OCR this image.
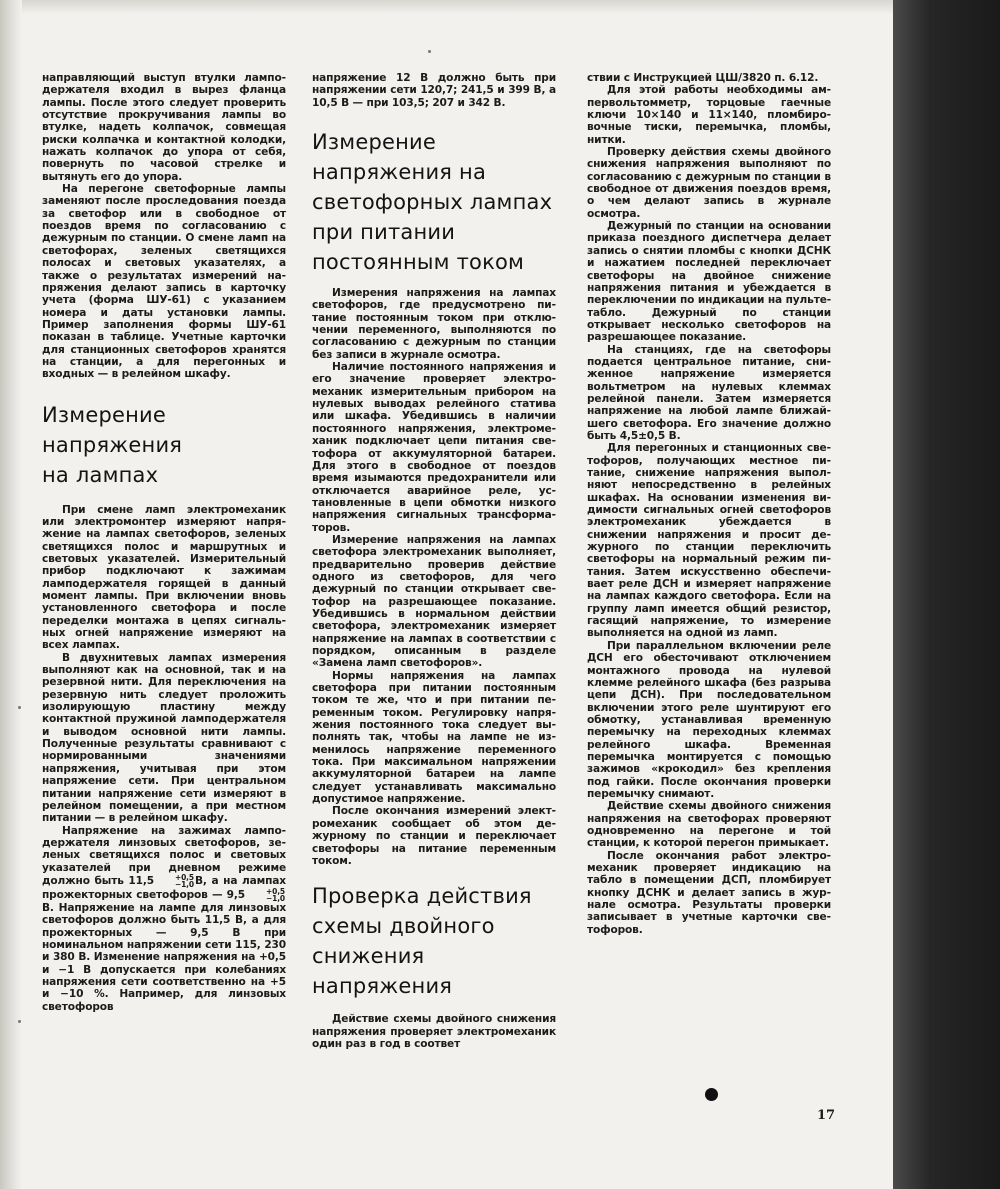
направляющий выступ втулки ламподержателя входил в вырез фланца лампы. После этого следует проверить отсутствие прокручивания лампы во втулке, надеть колпачок, совмещая риски колпачка и контактной колодки, нажать колпачок до упора от себя, повернуть по часовой стрелке и вытянуть его до упора.

На перегоне светофорные лампы заменяют после проследования поезда за светофор или в свободное от поездов время по согласованию с дежурным по станции. О смене ламп на светофорах, зеленых светящихся полосах и световых указателях, а также о результатах измерений напряжения делают запись в карточку учета (форма ШУ-61) с указанием номера и даты установки лампы. Пример заполнения формы ШУ-61 показан в таблице. Учетные карточки для станционных светофоров хранятся на станции, а для перегонных и входных — в релейном шкафу.

Измерение
напряжения
на лампах

При смене ламп электромеханик или электромонтер измеряют напряжение на лампах светофоров, зеленых светящихся полос и маршрутных и световых указателей. Измерительный прибор подключают к зажимам ламподержателя горящей в данный момент лампы. При включении вновь установленного светофора и после переделки монтажа в цепях сигнальных огней напряжение измеряют на всех лампах.

В двухнитевых лампах измерения выполняют как на основной, так и на резервной нити. Для переключения на резервную нить следует проложить изолирующую пластину между контактной пружиной ламподержателя и выводом основной нити лампы. Полученные результаты сравнивают с нормированными значениями напряжения, учитывая при этом напряжение сети. При центральном питании напряжение сети измеряют в релейном помещении, а при местном питании — в релейном шкафу.

Напряжение на зажимах ламподержателя линзовых светофоров, зеленых светящихся полос и световых указателей при дневном режиме должно быть 11,5	+0,5
−1,0 В, а на лампах прожекторных светофоров — 9,5	+0,5
−1,0
В. Напряжение на лампе для линзовых светофоров должно быть 11,5 В, а для прожекторных — 9,5 В при номинальном напряжении сети 115, 230 и 380 В. Изменение напряжения на +0,5 и −1 В допускается при колебаниях напряжения сети соответственно на +5 и −10 %. Например, для линзовых светофоров

напряжение 12 В должно быть при напряжении сети 120,7; 241,5 и 399 В, а 10,5 В — при 103,5; 207 и 342 В.

Измерение
напряжения на
светофорных лампах
при питании
постоянным током

Измерения напряжения на лампах светофоров, где предусмотрено питание постоянным током при отключении переменного, выполняются по согласованию с дежурным по станции без записи в журнале осмотра.

Наличие постоянного напряжения и его значение проверяет электромеханик измерительным прибором на нулевых выводах релейного статива или шкафа. Убедившись в наличии постоянного напряжения, электромеханик подключает цепи питания светофора от аккумуляторной батареи. Для этого в свободное от поездов время изымаются предохранители или отключается аварийное реле, установленные в цепи обмотки низкого напряжения сигнальных трансформаторов.

Измерение напряжения на лампах светофора электромеханик выполняет, предварительно проверив действие одного из светофоров, для чего дежурный по станции открывает светофор на разрешающее показание. Убедившись в нормальном действии светофора, электромеханик измеряет напряжение на лампах в соответствии с порядком, описанным в разделе «Замена ламп светофоров».

Нормы напряжения на лампах светофора при питании постоянным током те же, что и при питании переменным током. Регулировку напряжения постоянного тока следует выполнять так, чтобы на лампе не изменилось напряжение переменного тока. При максимальном напряжении аккумуляторной батареи на лампе следует устанавливать максимально допустимое напряжение.

После окончания измерений электромеханик сообщает об этом дежурному по станции и переключает светофоры на питание переменным током.

Проверка действия
схемы двойного
снижения
напряжения

Действие схемы двойного снижения напряжения проверяет электромеханик один раз в год в соответ

ствии с Инструкцией ЦШ/3820 п. 6.12.

Для этой работы необходимы ампервольтомметр, торцовые гаечные ключи 10×140 и 11×140, пломбировочные тиски, перемычка, пломбы, нитки.

Проверку действия схемы двойного снижения напряжения выполняют по согласованию с дежурным по станции в свободное от движения поездов время, о чем делают запись в журнале осмотра.

Дежурный по станции на основании приказа поездного диспетчера делает запись о снятии пломбы с кнопки ДСНК и нажатием последней переключает светофоры на двойное снижение напряжения питания и убеждается в переключении по индикации на пульте-табло. Дежурный по станции открывает несколько светофоров на разрешающее показание.

На станциях, где на светофоры подается центральное питание, сниженное напряжение измеряется вольтметром на нулевых клеммах релейной панели. Затем измеряется напряжение на любой лампе ближайшего светофора. Его значение должно быть 4,5±0,5 В.

Для перегонных и станционных светофоров, получающих местное питание, снижение напряжения выполняют непосредственно в релейных шкафах. На основании изменения видимости сигнальных огней светофоров электромеханик убеждается в снижении напряжения и просит дежурного по станции переключить светофоры на нормальный режим питания. Затем искусственно обеспечивает реле ДСН и измеряет напряжение на лампах каждого светофора. Если на группу ламп имеется общий резистор, гасящий напряжение, то измерение выполняется на одной из ламп.

При параллельном включении реле ДСН его обесточивают отключением монтажного провода на нулевой клемме релейного шкафа (без разрыва цепи ДСН). При последовательном включении этого реле шунтируют его обмотку, устанавливая временную перемычку на переходных клеммах релейного шкафа. Временная перемычка монтируется с помощью зажимов «крокодил» без крепления под гайки. После окончания проверки перемычку снимают.

Действие схемы двойного снижения напряжения на светофорах проверяют одновременно на перегоне и той станции, к которой перегон примыкает.

После окончания работ электромеханик проверяет индикацию на табло в помещении ДСП, пломбирует кнопку ДСНК и делает запись в журнале осмотра. Результаты проверки записывает в учетные карточки светофоров.

17
